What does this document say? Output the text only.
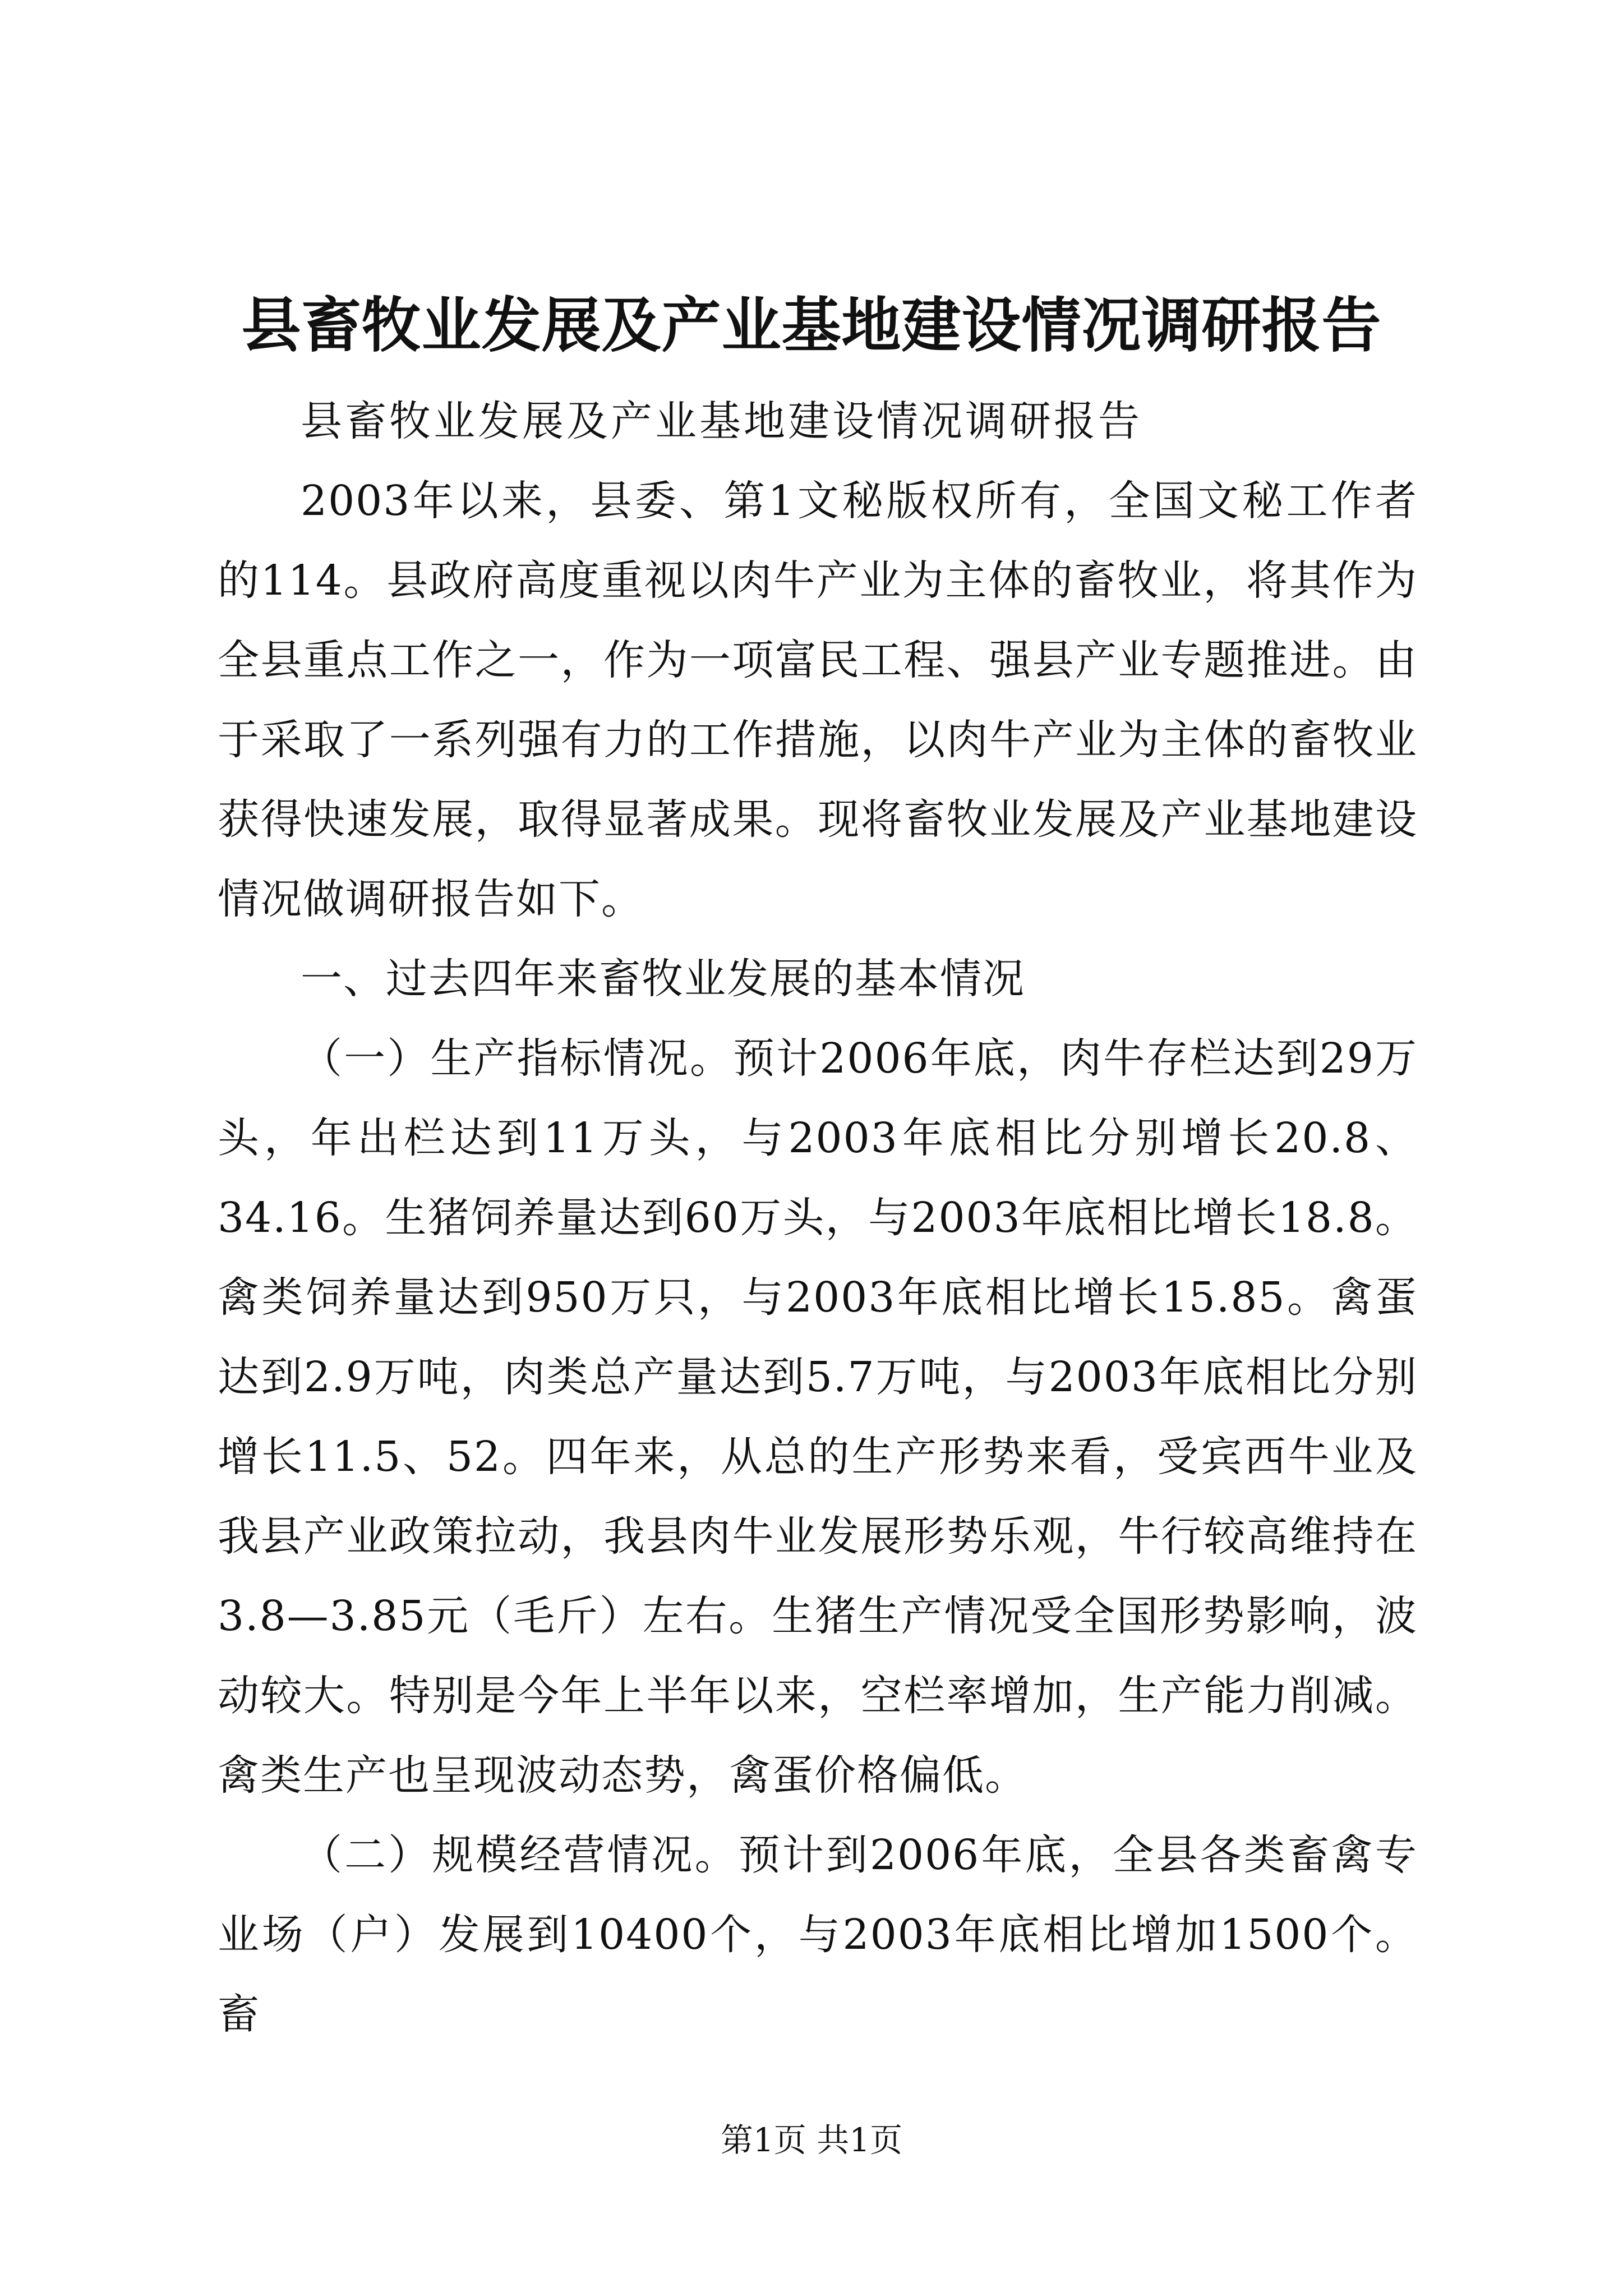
县畜牧业发展及产业基地建设情况调研报告

县畜牧业发展及产业基地建设情况调研报告

2003年以来，县委、第1文秘版权所有，全国文秘工作者的114。县政府高度重视以肉牛产业为主体的畜牧业，将其作为全县重点工作之一，作为一项富民工程、强县产业专题推进。由于采取了一系列强有力的工作措施，以肉牛产业为主体的畜牧业获得快速发展，取得显著成果。现将畜牧业发展及产业基地建设情况做调研报告如下。

一、过去四年来畜牧业发展的基本情况

（一）生产指标情况。预计2006年底，肉牛存栏达到29万头，年出栏达到11万头，与2003年底相比分别增长20.8、34.16。生猪饲养量达到60万头，与2003年底相比增长18.8。禽类饲养量达到950万只，与2003年底相比增长15.85。禽蛋达到2.9万吨，肉类总产量达到5.7万吨，与2003年底相比分别增长11.5、52。四年来，从总的生产形势来看，受宾西牛业及我县产业政策拉动，我县肉牛业发展形势乐观，牛行较高维持在3.8—3.85元（毛斤）左右。生猪生产情况受全国形势影响，波动较大。特别是今年上半年以来，空栏率增加，生产能力削减。禽类生产也呈现波动态势，禽蛋价格偏低。

（二）规模经营情况。预计到2006年底，全县各类畜禽专业场（户）发展到10400个，与2003年底相比增加1500个。畜

第1页 共1页
